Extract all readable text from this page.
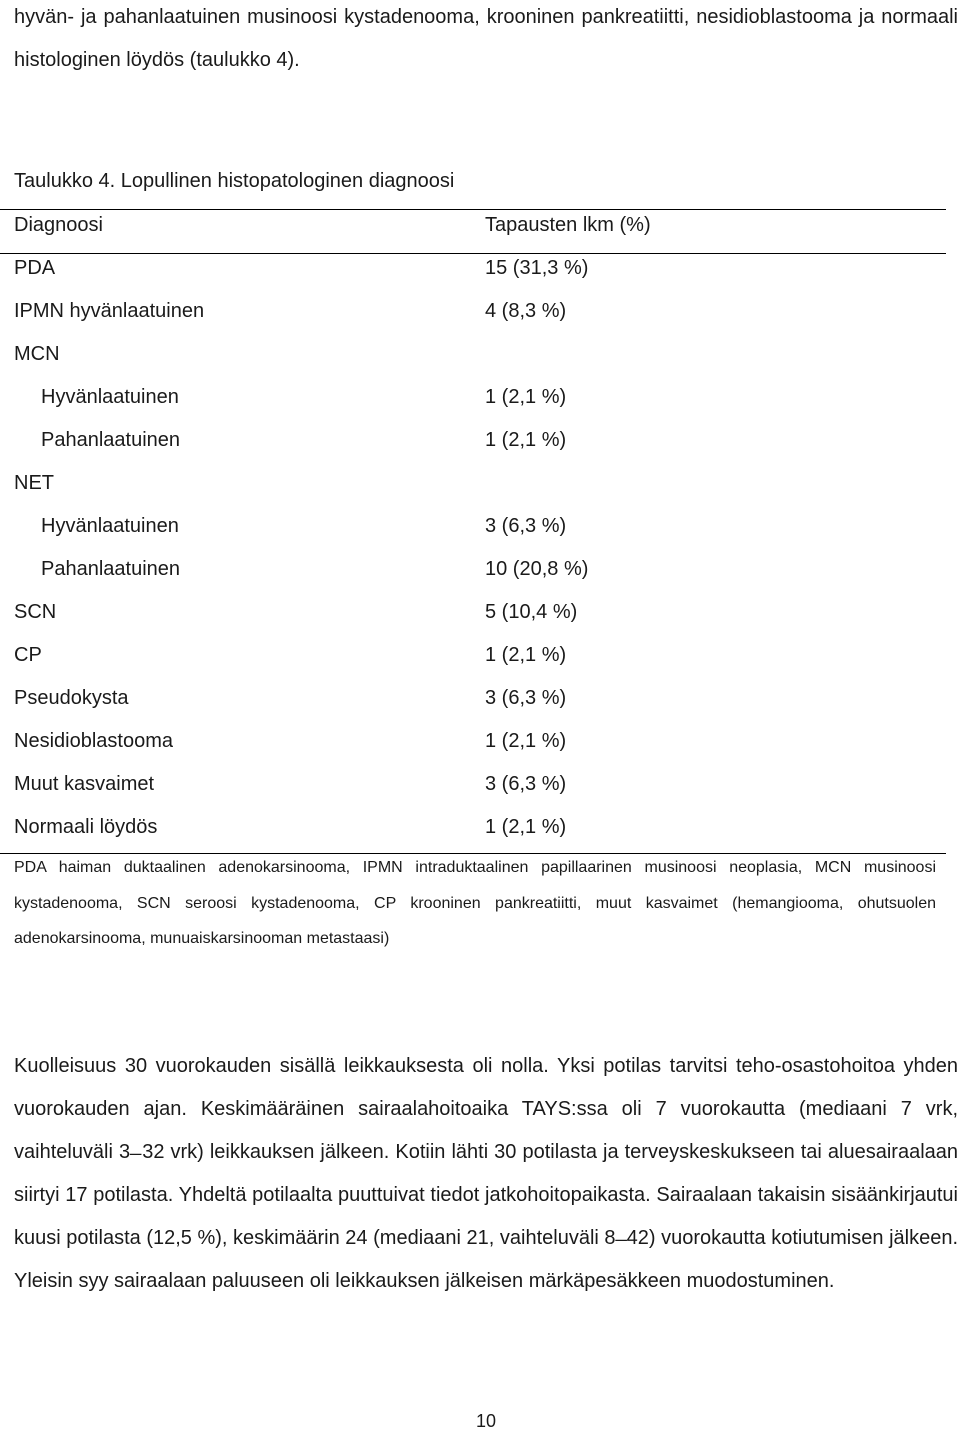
hyvän- ja pahanlaatuinen musinoosi kystadenooma, krooninen pankreatiitti, nesidioblastooma ja normaali histologinen löydös (taulukko 4).
Taulukko 4. Lopullinen histopatologinen diagnoosi
Diagnoosi	Tapausten lkm (%)
PDA	15 (31,3 %)
IPMN hyvänlaatuinen	4 (8,3 %)
MCN
Hyvänlaatuinen	1 (2,1 %)
Pahanlaatuinen	1 (2,1 %)
NET
Hyvänlaatuinen	3 (6,3 %)
Pahanlaatuinen	10 (20,8 %)
SCN	5 (10,4 %)
CP	1 (2,1 %)
Pseudokysta	3 (6,3 %)
Nesidioblastooma	1 (2,1 %)
Muut kasvaimet	3 (6,3 %)
Normaali löydös	1 (2,1 %)
PDA haiman duktaalinen adenokarsinooma, IPMN intraduktaalinen papillaarinen musinoosi neoplasia, MCN musinoosi kystadenooma, SCN seroosi kystadenooma, CP krooninen pankreatiitti, muut kasvaimet (hemangiooma, ohutsuolen adenokarsinooma, munuaiskarsinooman metastaasi)
Kuolleisuus 30 vuorokauden sisällä leikkauksesta oli nolla. Yksi potilas tarvitsi teho-osastohoitoa yhden vuorokauden ajan. Keskimääräinen sairaalahoitoaika TAYS:ssa oli 7 vuorokautta (mediaani 7 vrk, vaihteluväli 3 ̶ 32 vrk) leikkauksen jälkeen. Kotiin lähti 30 potilasta ja terveyskeskukseen tai aluesairaalaan siirtyi 17 potilasta. Yhdeltä potilaalta puuttuivat tiedot jatkohoitopaikasta. Sairaalaan takaisin sisäänkirjautui kuusi potilasta (12,5 %), keskimäärin 24 (mediaani 21, vaihteluväli 8 ̶ 42) vuorokautta kotiutumisen jälkeen. Yleisin syy sairaalaan paluuseen oli leikkauksen jälkeisen märkäpesäkkeen muodostuminen.
10
